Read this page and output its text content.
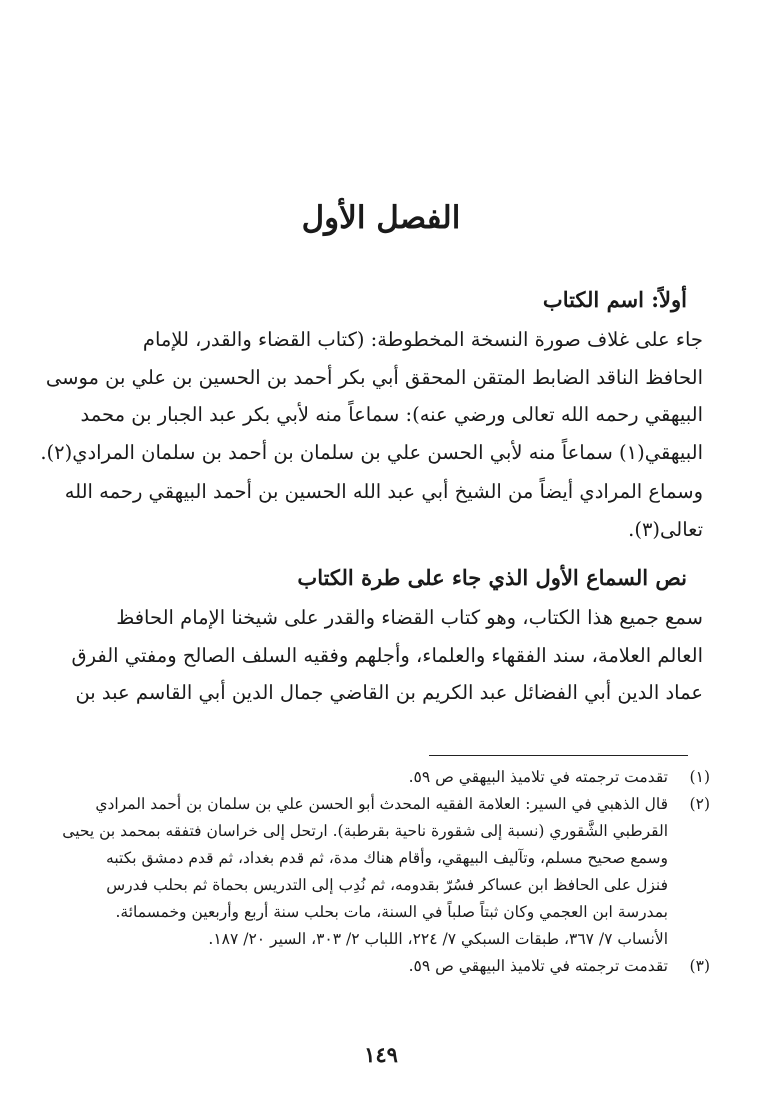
الفصل الأول
أولاً: اسم الكتاب
جاء على غلاف صورة النسخة المخطوطة: (كتاب القضاء والقدر، للإمام
الحافظ الناقد الضابط المتقن المحقق أبي بكر أحمد بن الحسين بن علي بن موسى
البيهقي رحمه الله تعالى ورضي عنه): سماعاً منه لأبي بكر عبد الجبار بن محمد
البيهقي(١) سماعاً منه لأبي الحسن علي بن سلمان بن أحمد بن سلمان المرادي(٢).
وسماع المرادي أيضاً من الشيخ أبي عبد الله الحسين بن أحمد البيهقي رحمه الله
تعالى(٣).
نص السماع الأول الذي جاء على طرة الكتاب
سمع جميع هذا الكتاب، وهو كتاب القضاء والقدر على شيخنا الإمام الحافظ
العالم العلامة، سند الفقهاء والعلماء، وأجلهم وفقيه السلف الصالح ومفتي الفرق
عماد الدين أبي الفضائل عبد الكريم بن القاضي جمال الدين أبي القاسم عبد بن
(١)
تقدمت ترجمته في تلاميذ البيهقي ص ٥٩.
(٢)
قال الذهبي في السير: العلامة الفقيه المحدث أبو الحسن علي بن سلمان بن أحمد المرادي
القرطبي الشَّقوري (نسبة إلى شقورة ناحية بقرطبة). ارتحل إلى خراسان فتفقه بمحمد بن يحيى
وسمع صحيح مسلم، وتآليف البيهقي، وأقام هناك مدة، ثم قدم بغداد، ثم قدم دمشق بكتبه
فنزل على الحافظ ابن عساكر فسُرّ بقدومه، ثم نُدِب إلى التدريس بحماة ثم بحلب فدرس
بمدرسة ابن العجمي وكان ثبتاً صلباً في السنة، مات بحلب سنة أربع وأربعين وخمسمائة.
الأنساب ٧/ ٣٦٧، طبقات السبكي ٧/ ٢٢٤، اللباب ٢/ ٣٠٣، السير ٢٠/ ١٨٧.
(٣)
تقدمت ترجمته في تلاميذ البيهقي ص ٥٩.
١٤٩
